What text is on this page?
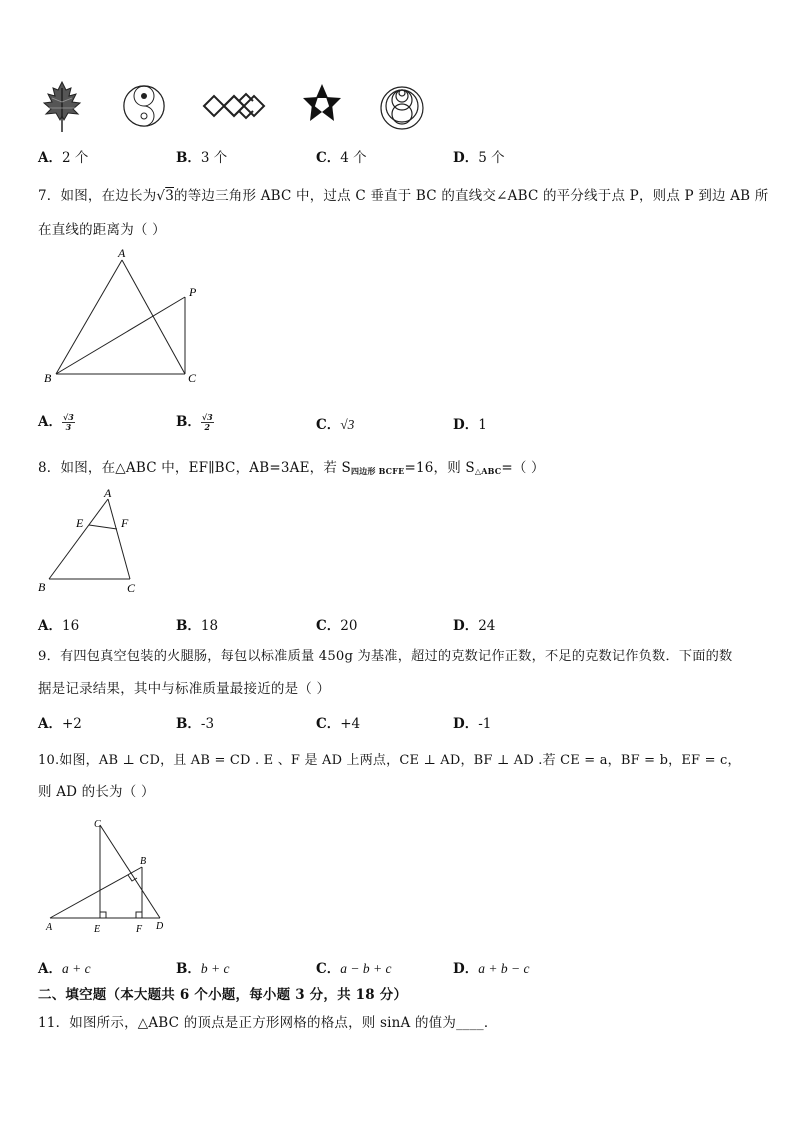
A．2 个	B．3 个	C．4 个	D．5 个
7．如图，在边长为√3的等边三角形 ABC 中，过点 C 垂直于 BC 的直线交∠ABC 的平分线于点 P，则点 P 到边 AB 所
在直线的距离为（ ）
A
B	C
P
A． $\frac{√3}{3}$	B． $\frac{√3}{2}$	C．√3	D．1
8．如图，在△ABC 中，EF∥BC，AB=3AE，若 $S_{四边形 BCFE}=16$，则 $S_{\triangle ABC}=$（ ）
A
E	F
B	C
A．16	B．18	C．20	D．24
9．有四包真空包装的火腿肠，每包以标准质量 450g 为基准，超过的克数记作正数，不足的克数记作负数．下面的数
据是记录结果，其中与标准质量最接近的是（ ）
A．+2	B．-3	C．+4	D．-1
10.如图，AB ⊥ CD，且 AB = CD . E 、F 是 AD 上两点，CE ⊥ AD，BF ⊥ AD .若 CE = a，BF = b，EF = c，
则 AD 的长为（ ）
C
B
A	E	F D
A．a + c	B．b + c	C．a − b + c	D．a + b − c
二、填空题（本大题共 6 个小题，每小题 3 分，共 18 分）
11．如图所示，△ABC 的顶点是正方形网格的格点，则 sinA 的值为____．
